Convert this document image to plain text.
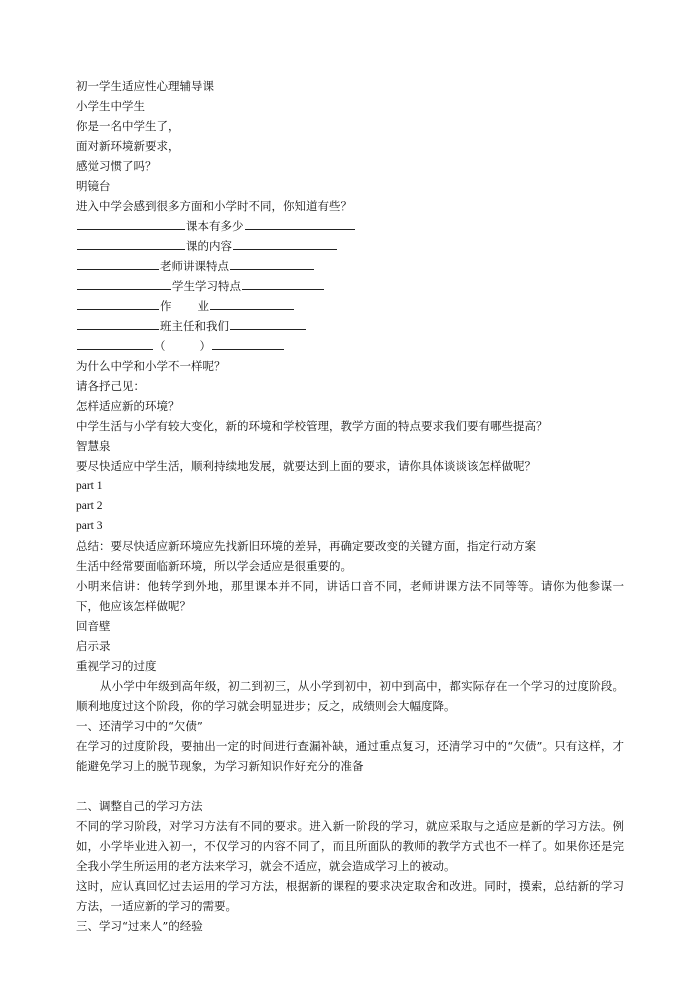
初一学生适应性心理辅导课
小学生中学生
你是一名中学生了，
面对新环境新要求，
感觉习惯了吗？
明镜台
进入中学会感到很多方面和小学时不同，你知道有些？
课本有多少
课的内容
老师讲课特点
学生学习特点
作 业
班主任和我们
（	）
为什么中学和小学不一样呢？
请各抒己见：
怎样适应新的环境？
中学生活与小学有较大变化，新的环境和学校管理，教学方面的特点要求我们要有哪些提高？
智慧泉
要尽快适应中学生活，顺利持续地发展，就要达到上面的要求，请你具体谈谈该怎样做呢？
part 1
part 2
part 3
总结：要尽快适应新环境应先找新旧环境的差异，再确定要改变的关键方面，指定行动方案
生活中经常要面临新环境，所以学会适应是很重要的。
小明来信讲：他转学到外地，那里课本并不同，讲话口音不同，老师讲课方法不同等等。请你为他参谋一下，他应该怎样做呢？
回音壁
启示录
重视学习的过度
从小学中年级到高年级，初二到初三，从小学到初中，初中到高中，都实际存在一个学习的过度阶段。顺利地度过这个阶段，你的学习就会明显进步；反之，成绩则会大幅度降。
一、还清学习中的“欠债”
在学习的过度阶段，要抽出一定的时间进行查漏补缺，通过重点复习，还清学习中的“欠债”。只有这样，才能避免学习上的脱节现象，为学习新知识作好充分的准备
二、调整自己的学习方法
不同的学习阶段，对学习方法有不同的要求。进入新一阶段的学习，就应采取与之适应是新的学习方法。例如，小学毕业进入初一，不仅学习的内容不同了，而且所面队的教师的教学方式也不一样了。如果你还是完全我小学生所运用的老方法来学习，就会不适应，就会造成学习上的被动。
这时，应认真回忆过去运用的学习方法，根据新的课程的要求决定取舍和改进。同时，摸索，总结新的学习方法，一适应新的学习的需要。
三、学习“过来人”的经验
